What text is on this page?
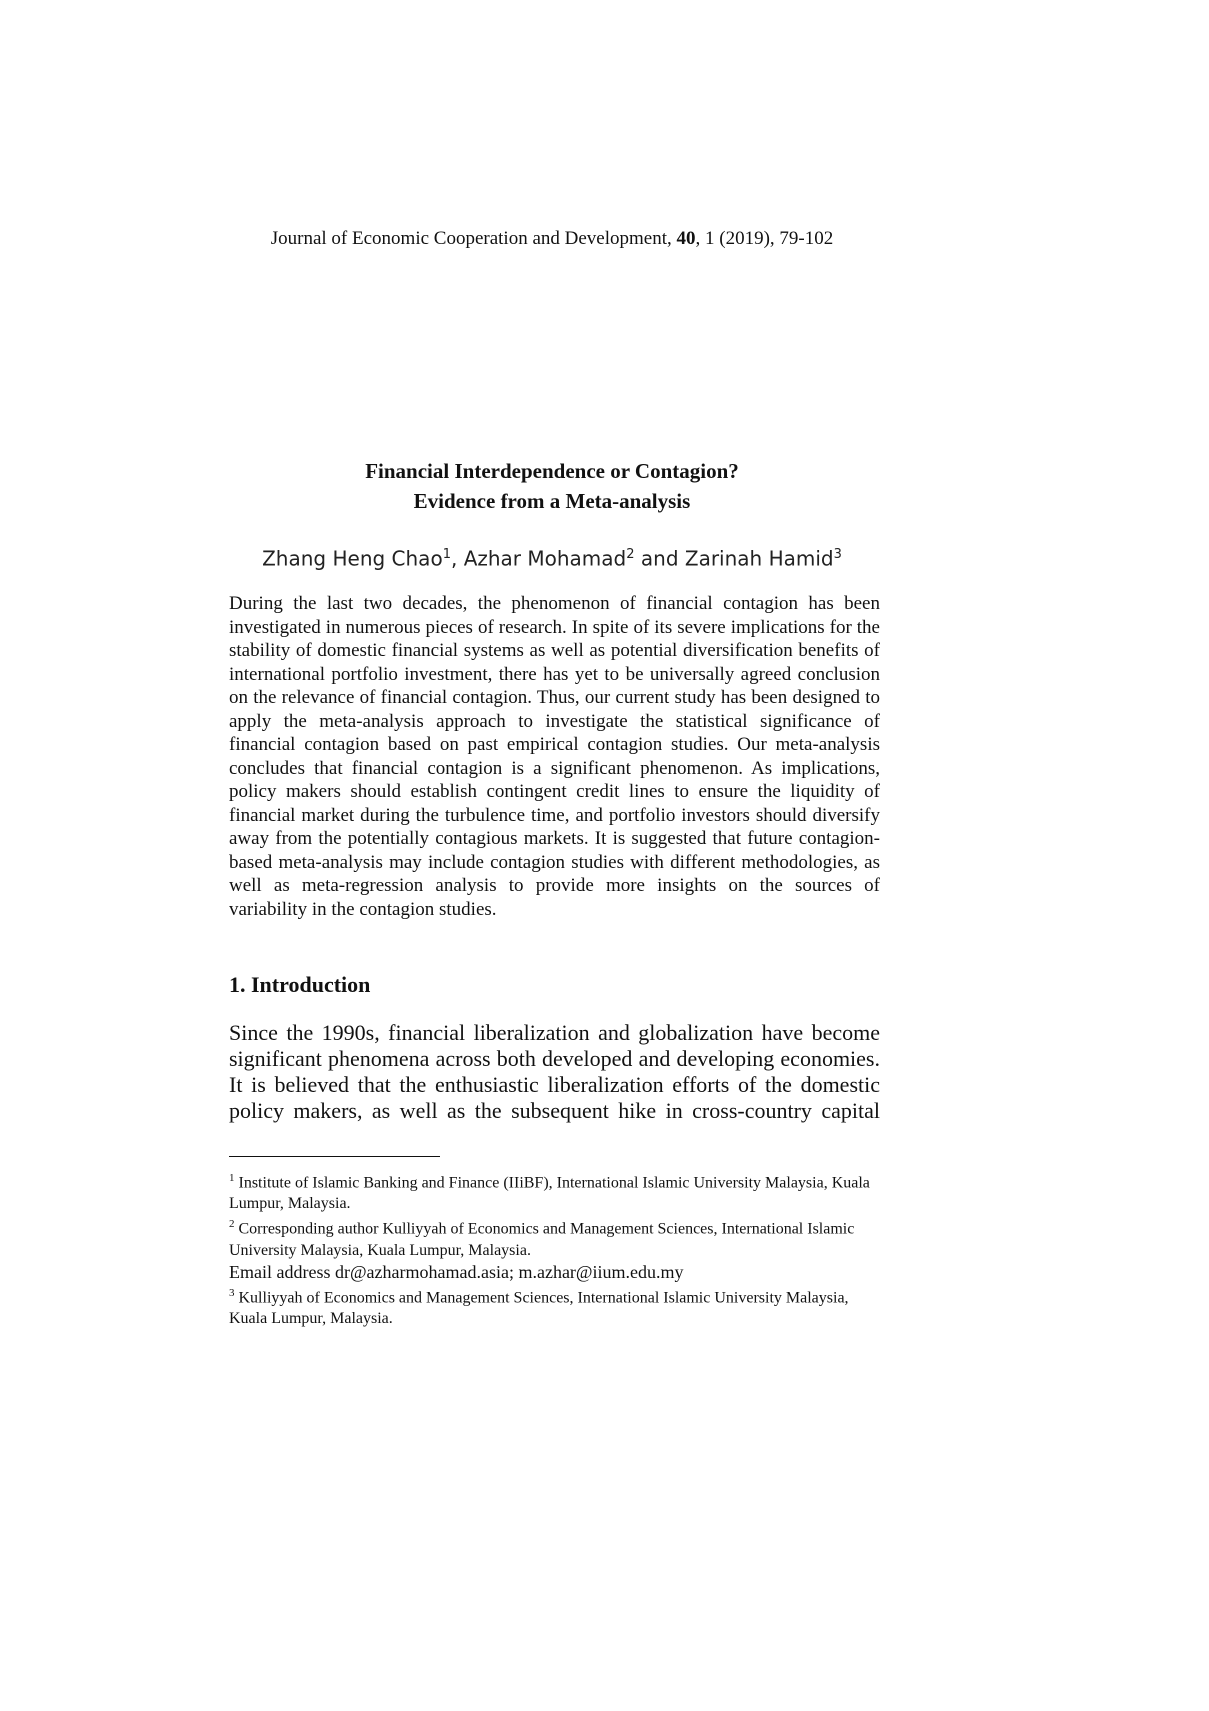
Journal of Economic Cooperation and Development, 40, 1 (2019), 79-102
Financial Interdependence or Contagion?
Evidence from a Meta-analysis
Zhang Heng Chao$^1$, Azhar Mohamad$^2$ and Zarinah Hamid$^3$
During the last two decades, the phenomenon of financial contagion has been investigated in numerous pieces of research. In spite of its severe implications for the stability of domestic financial systems as well as potential diversification benefits of international portfolio investment, there has yet to be universally agreed conclusion on the relevance of financial contagion. Thus, our current study has been designed to apply the meta-analysis approach to investigate the statistical significance of financial contagion based on past empirical contagion studies. Our meta-analysis concludes that financial contagion is a significant phenomenon. As implications, policy makers should establish contingent credit lines to ensure the liquidity of financial market during the turbulence time, and portfolio investors should diversify away from the potentially contagious markets. It is suggested that future contagion-based meta-analysis may include contagion studies with different methodologies, as well as meta-regression analysis to provide more insights on the sources of variability in the contagion studies.
1. Introduction
Since the 1990s, financial liberalization and globalization have become significant phenomena across both developed and developing economies. It is believed that the enthusiastic liberalization efforts of the domestic policy makers, as well as the subsequent hike in cross-country capital
$^1$ Institute of Islamic Banking and Finance (IIiBF), International Islamic University Malaysia, Kuala Lumpur, Malaysia.
$^2$ Corresponding author Kulliyyah of Economics and Management Sciences, International Islamic University Malaysia, Kuala Lumpur, Malaysia.
Email address dr@azharmohamad.asia; m.azhar@iium.edu.my
$^3$ Kulliyyah of Economics and Management Sciences, International Islamic University Malaysia, Kuala Lumpur, Malaysia.
